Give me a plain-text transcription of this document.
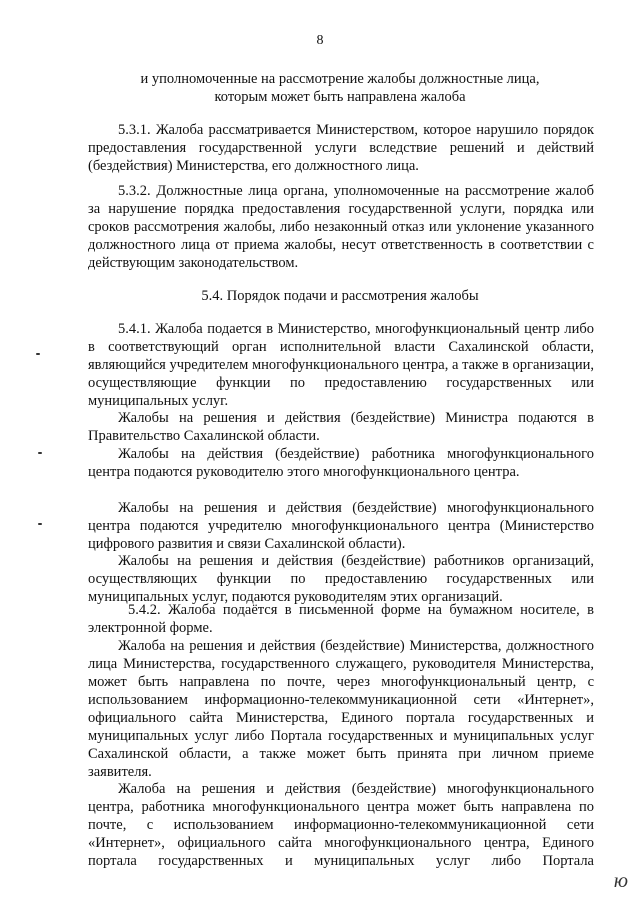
8
и уполномоченные на рассмотрение жалобы должностные лица,
которым может быть направлена жалоба
5.3.1. Жалоба рассматривается Министерством, которое нарушило порядок предоставления государственной услуги вследствие решений и действий (бездействия) Министерства, его должностного лица.
5.3.2. Должностные лица органа, уполномоченные на рассмотрение жалоб за нарушение порядка предоставления государственной услуги, порядка или сроков рассмотрения жалобы, либо незаконный отказ или уклонение указанного должностного лица от приема жалобы, несут ответственность в соответствии с действующим законодательством.
5.4. Порядок подачи и рассмотрения жалобы
5.4.1. Жалоба подается в Министерство, многофункциональный центр либо в соответствующий орган исполнительной власти Сахалинской области, являющийся учредителем многофункционального центра, а также в организации, осуществляющие функции по предоставлению государственных или муниципальных услуг.
Жалобы на решения и действия (бездействие) Министра подаются в Правительство Сахалинской области.
Жалобы на действия (бездействие) работника многофункционального центра подаются руководителю этого многофункционального центра.
Жалобы на решения и действия (бездействие) многофункционального центра подаются учредителю многофункционального центра (Министерство цифрового развития и связи Сахалинской области).
Жалобы на решения и действия (бездействие) работников организаций, осуществляющих функции по предоставлению государственных или муниципальных услуг, подаются руководителям этих организаций.
5.4.2. Жалоба подаётся в письменной форме на бумажном носителе, в электронной форме.
Жалоба на решения и действия (бездействие) Министерства, должностного лица Министерства, государственного служащего, руководителя Министерства, может быть направлена по почте, через многофункциональный центр, с использованием информационно-телекоммуникационной сети «Интернет», официального сайта Министерства, Единого портала государственных и муниципальных услуг либо Портала государственных и муниципальных услуг Сахалинской области, а также может быть принята при личном приеме заявителя.
Жалоба на решения и действия (бездействие) многофункционального центра, работника многофункционального центра может быть направлена по почте, с использованием информационно-телекоммуникационной сети «Интернет», официального сайта многофункционального центра, Единого портала государственных и муниципальных услуг либо Портала
ю
